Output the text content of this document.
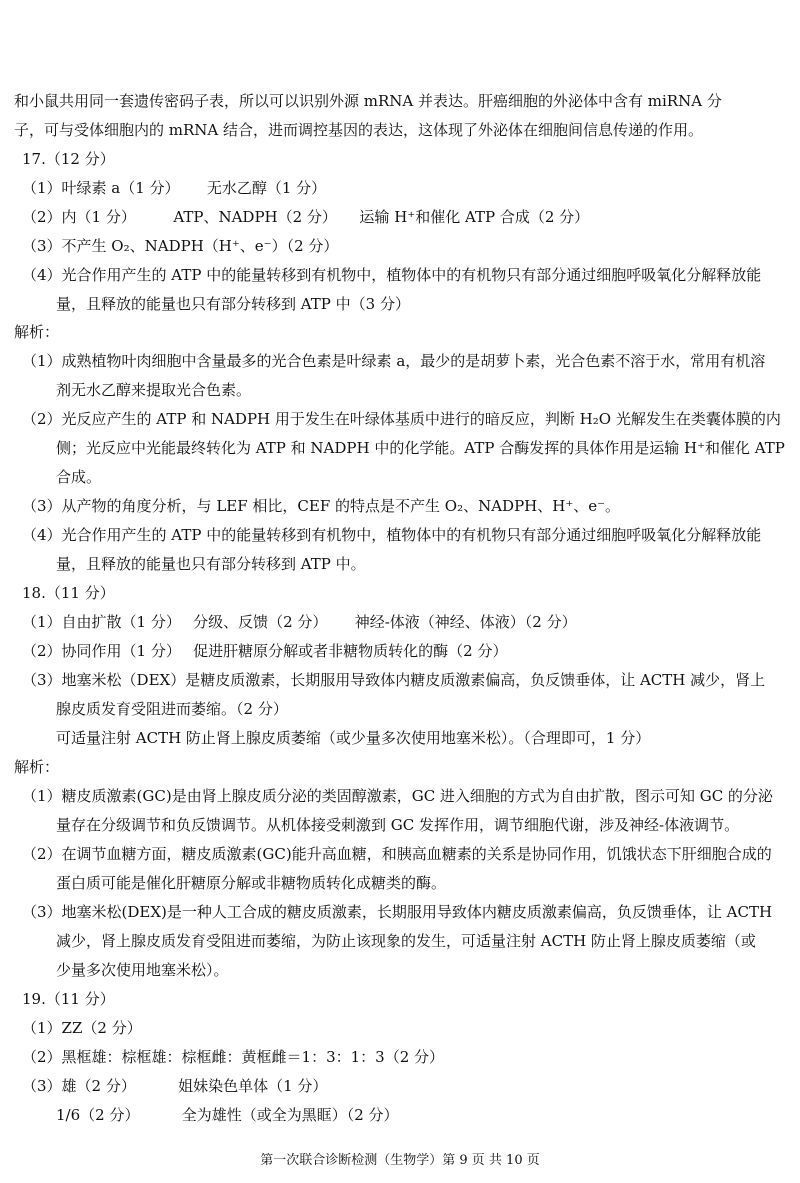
和小鼠共用同一套遗传密码子表，所以可以识别外源 mRNA 并表达。肝癌细胞的外泌体中含有 miRNA 分
子，可与受体细胞内的 mRNA 结合，进而调控基因的表达，这体现了外泌体在细胞间信息传递的作用。
17.（12 分）
（1）叶绿素 a（1 分）　　 无水乙醇（1 分）
（2）内（1 分）　　　ATP、NADPH（2 分）　　运输 H⁺和催化 ATP 合成（2 分）
（3）不产生 O₂、NADPH（H⁺、e⁻）（2 分）
（4）光合作用产生的 ATP 中的能量转移到有机物中，植物体中的有机物只有部分通过细胞呼吸氧化分解释放能
量，且释放的能量也只有部分转移到 ATP 中（3 分）
解析：
（1）成熟植物叶肉细胞中含量最多的光合色素是叶绿素 a，最少的是胡萝卜素，光合色素不溶于水，常用有机溶
剂无水乙醇来提取光合色素。
（2）光反应产生的 ATP 和 NADPH 用于发生在叶绿体基质中进行的暗反应，判断 H₂O 光解发生在类囊体膜的内
侧；光反应中光能最终转化为 ATP 和 NADPH 中的化学能。ATP 合酶发挥的具体作用是运输 H⁺和催化 ATP
合成。
（3）从产物的角度分析，与 LEF 相比，CEF 的特点是不产生 O₂、NADPH、H⁺、e⁻。
（4）光合作用产生的 ATP 中的能量转移到有机物中，植物体中的有机物只有部分通过细胞呼吸氧化分解释放能
量，且释放的能量也只有部分转移到 ATP 中。
18.（11 分）
（1）自由扩散（1 分）　 分级、反馈（2 分）　　 神经-体液（神经、体液）（2 分）
（2）协同作用（1 分）　 促进肝糖原分解或者非糖物质转化的酶（2 分）
（3）地塞米松（DEX）是糖皮质激素，长期服用导致体内糖皮质激素偏高，负反馈垂体，让 ACTH 减少，肾上
腺皮质发育受阻进而萎缩。（2 分）
可适量注射 ACTH 防止肾上腺皮质萎缩（或少量多次使用地塞米松）。（合理即可，1 分）
解析：
（1）糖皮质激素(GC)是由肾上腺皮质分泌的类固醇激素，GC 进入细胞的方式为自由扩散，图示可知 GC 的分泌
量存在分级调节和负反馈调节。从机体接受刺激到 GC 发挥作用，调节细胞代谢，涉及神经-体液调节。
（2）在调节血糖方面，糖皮质激素(GC)能升高血糖，和胰高血糖素的关系是协同作用，饥饿状态下肝细胞合成的
蛋白质可能是催化肝糖原分解或非糖物质转化成糖类的酶。
（3）地塞米松(DEX)是一种人工合成的糖皮质激素，长期服用导致体内糖皮质激素偏高，负反馈垂体，让 ACTH
减少，肾上腺皮质发育受阻进而萎缩，为防止该现象的发生，可适量注射 ACTH 防止肾上腺皮质萎缩（或
少量多次使用地塞米松）。
19.（11 分）
（1）ZZ（2 分）
（2）黑框雄：棕框雄：棕框雌：黄框雌＝1：3：1：3（2 分）
（3）雄（2 分）　　　 姐妹染色单体（1 分）
1/6（2 分）　　　 全为雄性（或全为黑眶）（2 分）
第一次联合诊断检测（生物学）第 9 页 共 10 页
